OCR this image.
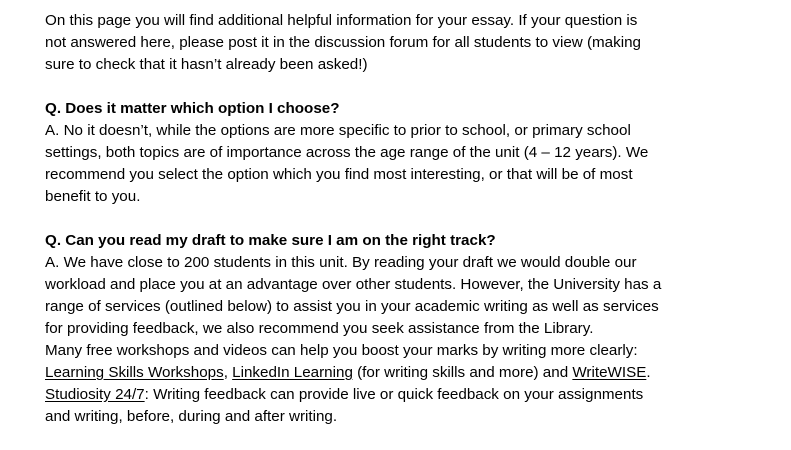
On this page you will find additional helpful information for your essay. If your question is

not answered here, please post it in the discussion forum for all students to view (making

sure to check that it hasn’t already been asked!)

Q. Does it matter which option I choose?

A. No it doesn’t, while the options are more specific to prior to school, or primary school

settings, both topics are of importance across the age range of the unit (4 – 12 years). We

recommend you select the option which you find most interesting, or that will be of most

benefit to you.

Q. Can you read my draft to make sure I am on the right track?

A. We have close to 200 students in this unit. By reading your draft we would double our

workload and place you at an advantage over other students. However, the University has a

range of services (outlined below) to assist you in your academic writing as well as services

for providing feedback, we also recommend you seek assistance from the Library.

Many free workshops and videos can help you boost your marks by writing more clearly:

Learning Skills Workshops, LinkedIn Learning (for writing skills and more) and WriteWISE.

Studiosity 24/7: Writing feedback can provide live or quick feedback on your assignments

and writing, before, during and after writing.
